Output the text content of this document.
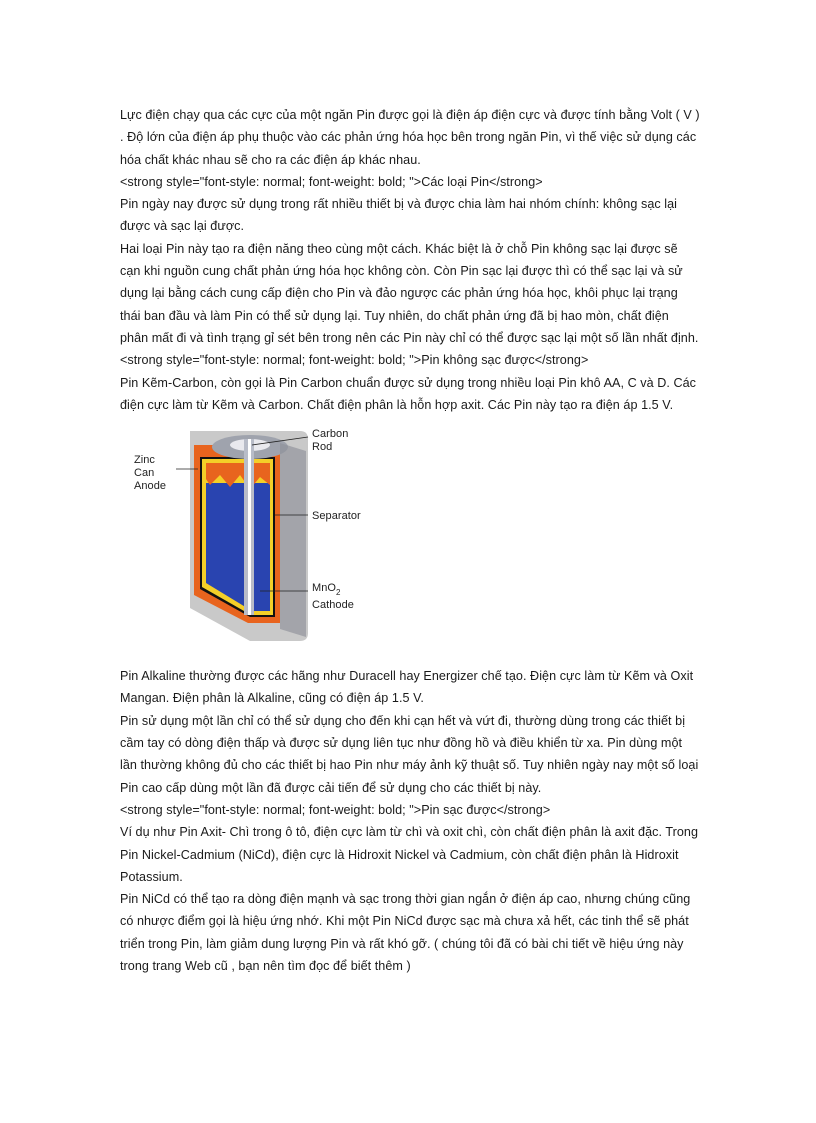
Lực điện chạy qua các cực của một ngăn Pin được gọi là điện áp điện cực và được tính bằng Volt ( V ) . Độ lớn của điện áp phụ thuộc vào các phản ứng hóa học bên trong ngăn Pin, vì thế việc sử dụng các hóa chất khác nhau sẽ cho ra các điện áp khác nhau.

<strong style="font-style: normal; font-weight: bold; ">Các loại Pin</strong>

Pin ngày nay được sử dụng trong rất nhiều thiết bị và được chia làm hai nhóm chính: không sạc lại được và sạc lại được.

Hai loại Pin này tạo ra điện năng theo cùng một cách. Khác biệt là ở chỗ Pin không sạc lại được sẽ cạn khi nguồn cung chất phản ứng hóa học không còn. Còn Pin sạc lại được thì có thể sạc lại và sử dụng lại bằng cách cung cấp điện cho Pin và đảo ngược các phản ứng hóa học, khôi phục lại trạng thái ban đầu và làm Pin có thể sử dụng lại. Tuy nhiên, do chất phản ứng đã bị hao mòn, chất điện phân mất đi và tình trạng gỉ sét bên trong nên các Pin này chỉ có thể được sạc lại một số lần nhất định.

<strong style="font-style: normal; font-weight: bold; ">Pin không sạc được</strong>

Pin Kẽm-Carbon, còn gọi là Pin Carbon chuẩn được sử dụng trong nhiều loại Pin khô AA, C và D. Các điện cực làm từ Kẽm và Carbon. Chất điện phân là hỗn hợp axit. Các Pin này tạo ra điện áp 1.5 V.

Carbon
Rod
Zinc
Can
Anode
Separator
MnO$_2$
Cathode

Pin Alkaline thường được các hãng như Duracell hay Energizer chế tạo. Điện cực làm từ Kẽm và Oxit Mangan. Điện phân là Alkaline, cũng có điện áp 1.5 V.

Pin sử dụng một lần chỉ có thể sử dụng cho đến khi cạn hết và vứt đi, thường dùng trong các thiết bị cầm tay có dòng điện thấp và được sử dụng liên tục như đồng hồ và điều khiển từ xa. Pin dùng một lần thường không đủ cho các thiết bị hao Pin như máy ảnh kỹ thuật số. Tuy nhiên ngày nay một số loại Pin cao cấp dùng một lần đã được cải tiến để sử dụng cho các thiết bị này.

<strong style="font-style: normal; font-weight: bold; ">Pin sạc được</strong>

Ví dụ như Pin Axit- Chì trong ô tô, điện cực làm từ chì và oxit chì, còn chất điện phân là axit đặc. Trong Pin Nickel-Cadmium (NiCd), điện cực là Hidroxit Nickel và Cadmium, còn chất điện phân là Hidroxit Potassium.

Pin NiCd có thể tạo ra dòng điện mạnh và sạc trong thời gian ngắn ở điện áp cao, nhưng chúng cũng có nhược điểm gọi là hiệu ứng nhớ. Khi một Pin NiCd được sạc mà chưa xả hết, các tinh thể sẽ phát triển trong Pin, làm giảm dung lượng Pin và rất khó gỡ. ( chúng tôi đã có bài chi tiết về hiệu ứng này trong trang Web cũ , bạn nên tìm đọc để biết thêm )
